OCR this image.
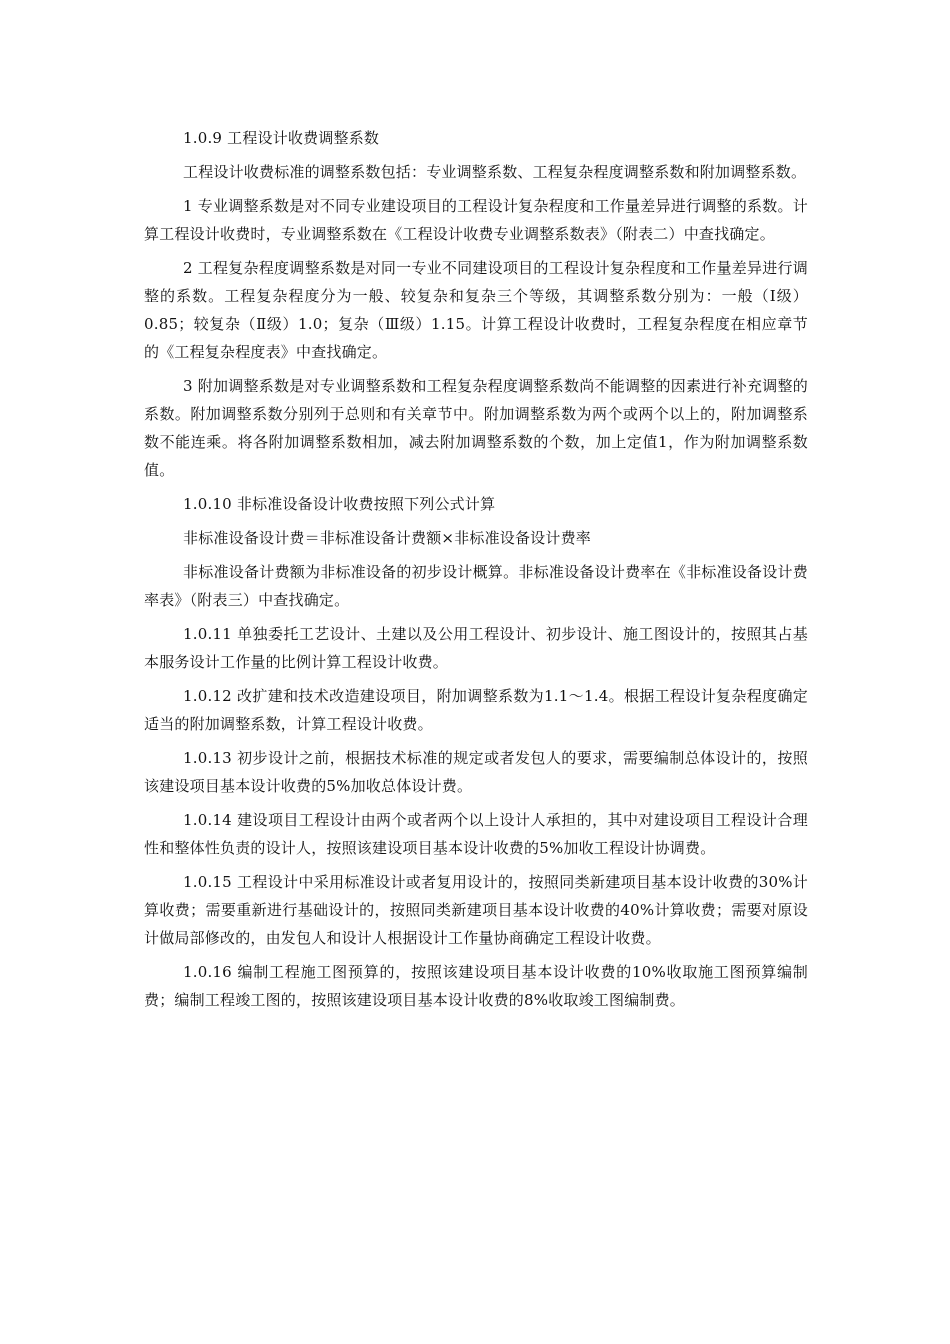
1.0.9 工程设计收费调整系数

工程设计收费标准的调整系数包括：专业调整系数、工程复杂程度调整系数和附加调整系数。

1 专业调整系数是对不同专业建设项目的工程设计复杂程度和工作量差异进行调整的系数。计算工程设计收费时，专业调整系数在《工程设计收费专业调整系数表》（附表二）中查找确定。

2 工程复杂程度调整系数是对同一专业不同建设项目的工程设计复杂程度和工作量差异进行调整的系数。工程复杂程度分为一般、较复杂和复杂三个等级，其调整系数分别为：一般（Ⅰ级）0.85；较复杂（Ⅱ级）1.0；复杂（Ⅲ级）1.15。计算工程设计收费时，工程复杂程度在相应章节的《工程复杂程度表》中查找确定。

3 附加调整系数是对专业调整系数和工程复杂程度调整系数尚不能调整的因素进行补充调整的系数。附加调整系数分别列于总则和有关章节中。附加调整系数为两个或两个以上的，附加调整系数不能连乘。将各附加调整系数相加，减去附加调整系数的个数，加上定值1，作为附加调整系数值。

1.0.10 非标准设备设计收费按照下列公式计算

非标准设备设计费＝非标准设备计费额×非标准设备设计费率

非标准设备计费额为非标准设备的初步设计概算。非标准设备设计费率在《非标准设备设计费率表》（附表三）中查找确定。

1.0.11 单独委托工艺设计、土建以及公用工程设计、初步设计、施工图设计的，按照其占基本服务设计工作量的比例计算工程设计收费。

1.0.12 改扩建和技术改造建设项目，附加调整系数为1.1～1.4。根据工程设计复杂程度确定适当的附加调整系数，计算工程设计收费。

1.0.13 初步设计之前，根据技术标准的规定或者发包人的要求，需要编制总体设计的，按照该建设项目基本设计收费的5%加收总体设计费。

1.0.14 建设项目工程设计由两个或者两个以上设计人承担的，其中对建设项目工程设计合理性和整体性负责的设计人，按照该建设项目基本设计收费的5%加收工程设计协调费。

1.0.15 工程设计中采用标准设计或者复用设计的，按照同类新建项目基本设计收费的30%计算收费；需要重新进行基础设计的，按照同类新建项目基本设计收费的40%计算收费；需要对原设计做局部修改的，由发包人和设计人根据设计工作量协商确定工程设计收费。

1.0.16 编制工程施工图预算的，按照该建设项目基本设计收费的10%收取施工图预算编制费；编制工程竣工图的，按照该建设项目基本设计收费的8%收取竣工图编制费。
